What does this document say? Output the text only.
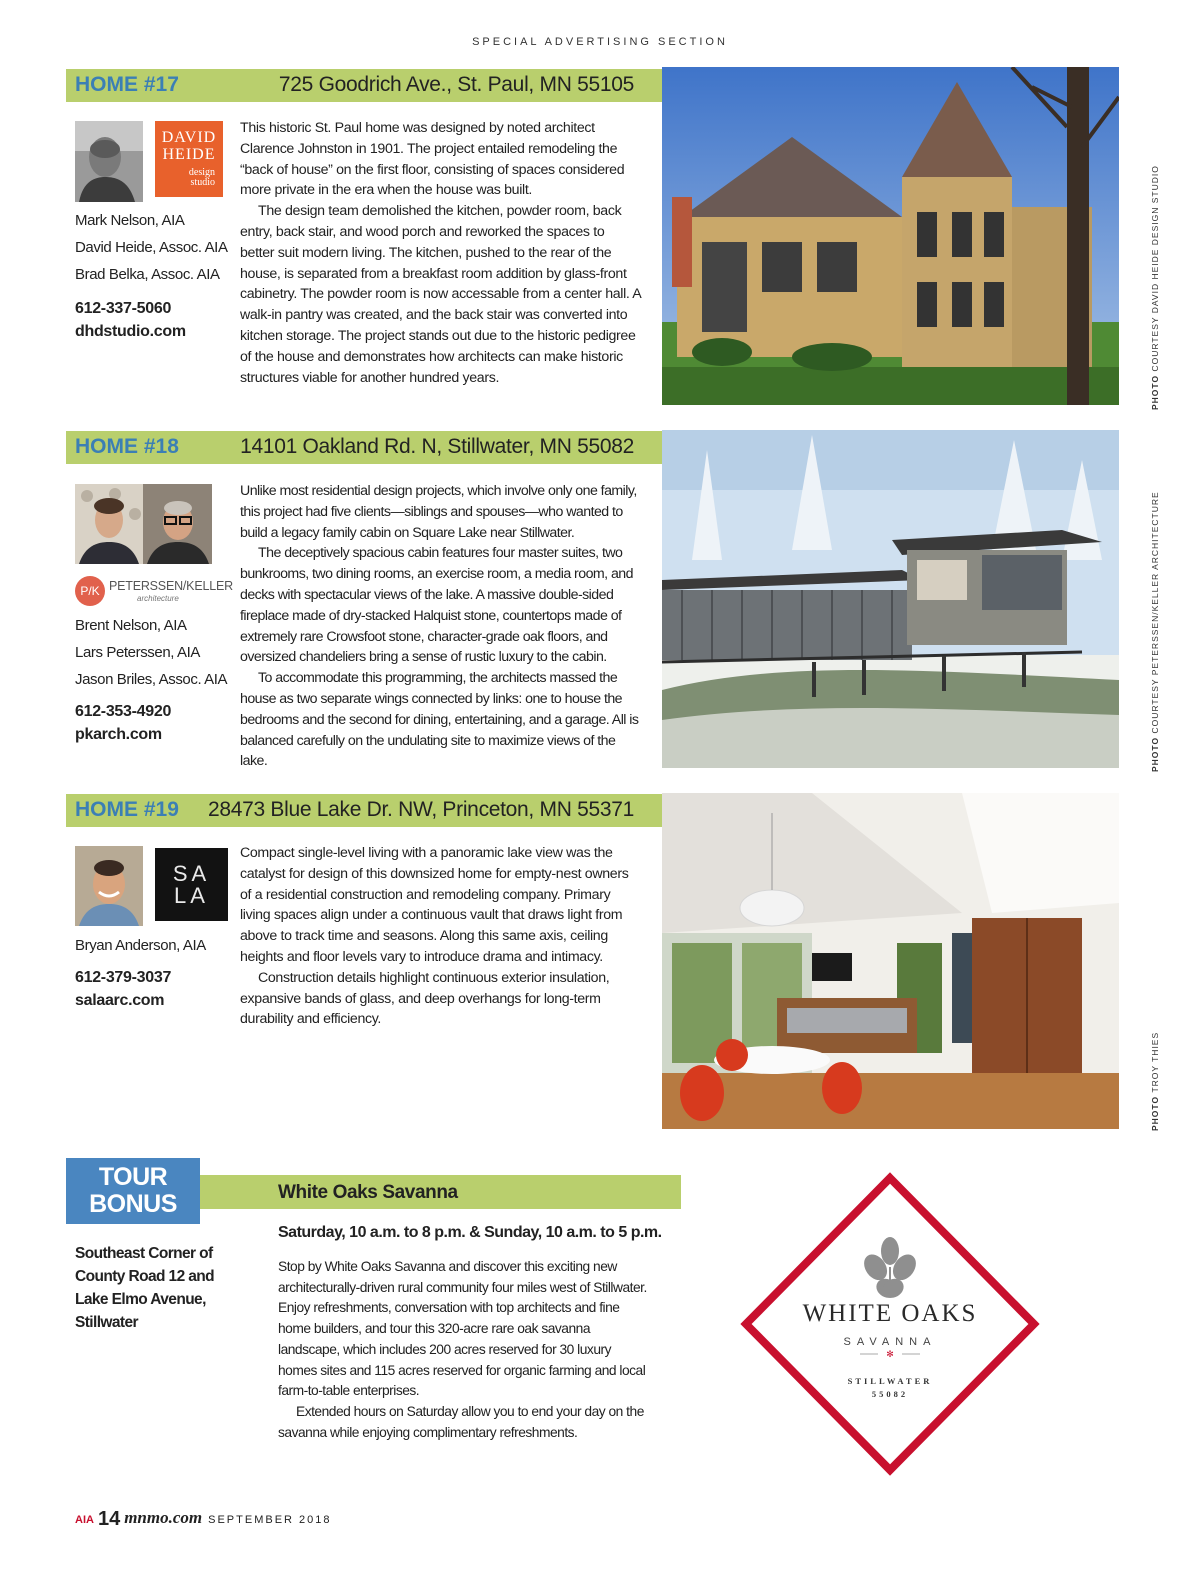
SPECIAL ADVERTISING SECTION
HOME #17	725 Goodrich Ave., St. Paul, MN 55105
DAVID
HEIDE
design
studio
Mark Nelson, AIA
David Heide, Assoc. AIA
Brad Belka, Assoc. AIA
612-337-5060
dhdstudio.com

This historic St. Paul home was designed by noted architect Clarence Johnston in 1901. The project entailed remodeling the “back of house” on the first floor, consisting of spaces considered more private in the era when the house was built.

The design team demolished the kitchen, powder room, back entry, back stair, and wood porch and reworked the spaces to better suit modern living. The kitchen, pushed to the rear of the house, is separated from a breakfast room addition by glass-front cabinetry. The powder room is now accessable from a center hall. A walk-in pantry was created, and the back stair was converted into kitchen storage. The project stands out due to the historic pedigree of the house and demonstrates how architects can make historic structures viable for another hundred years.	PHOTO COURTESY DAVID HEIDE DESIGN STUDIO
HOME #18	14101 Oakland Rd. N, Stillwater, MN 55082
P/K PETERSSEN/KELLER
architecture
Brent Nelson, AIA
Lars Peterssen, AIA
Jason Briles, Assoc. AIA
612-353-4920
pkarch.com

Unlike most residential design projects, which involve only one family, this project had five clients—siblings and spouses—who wanted to build a legacy family cabin on Square Lake near Stillwater.

The deceptively spacious cabin features four master suites, two bunkrooms, two dining rooms, an exercise room, a media room, and decks with spectacular views of the lake. A massive double-sided fireplace made of dry-stacked Halquist stone, countertops made of extremely rare Crowsfoot stone, character-grade oak floors, and oversized chandeliers bring a sense of rustic luxury to the cabin.

To accommodate this programming, the architects massed the house as two separate wings connected by links: one to house the bedrooms and the second for dining, entertaining, and a garage. All is balanced carefully on the undulating site to maximize views of the lake.	PHOTO COURTESY PETERSSEN/KELLER ARCHITECTURE
HOME #19 28473 Blue Lake Dr. NW, Princeton, MN 55371
SA
LA
Bryan Anderson, AIA
612-379-3037
salaarc.com

Compact single-level living with a panoramic lake view was the catalyst for design of this downsized home for empty-nest owners of a residential construction and remodeling company. Primary living spaces align under a continuous vault that draws light from above to track time and seasons. Along this same axis, ceiling heights and floor levels vary to introduce drama and intimacy.

Construction details highlight continuous exterior insulation, expansive bands of glass, and deep overhangs for long-term durability and efficiency.

PHOTO TROY THIES
TOUR
BONUS	White Oaks Savanna
Southeast Corner of County Road 12 and Lake Elmo Avenue, Stillwater
Saturday, 10 a.m. to 8 p.m. & Sunday, 10 a.m. to 5 p.m.

Stop by White Oaks Savanna and discover this exciting new architecturally-driven rural community four miles west of Stillwater. Enjoy refreshments, conversation with top architects and fine home builders, and tour this 320-acre rare oak savanna landscape, which includes 200 acres reserved for 30 luxury homes sites and 115 acres reserved for organic farming and local farm-to-table enterprises.

Extended hours on Saturday allow you to end your day on the savanna while enjoying complimentary refreshments.

✻
WHITE OAKS
SAVANNA
STILLWATER
55082
AIA 14 mnmo.com SEPTEMBER 2018
